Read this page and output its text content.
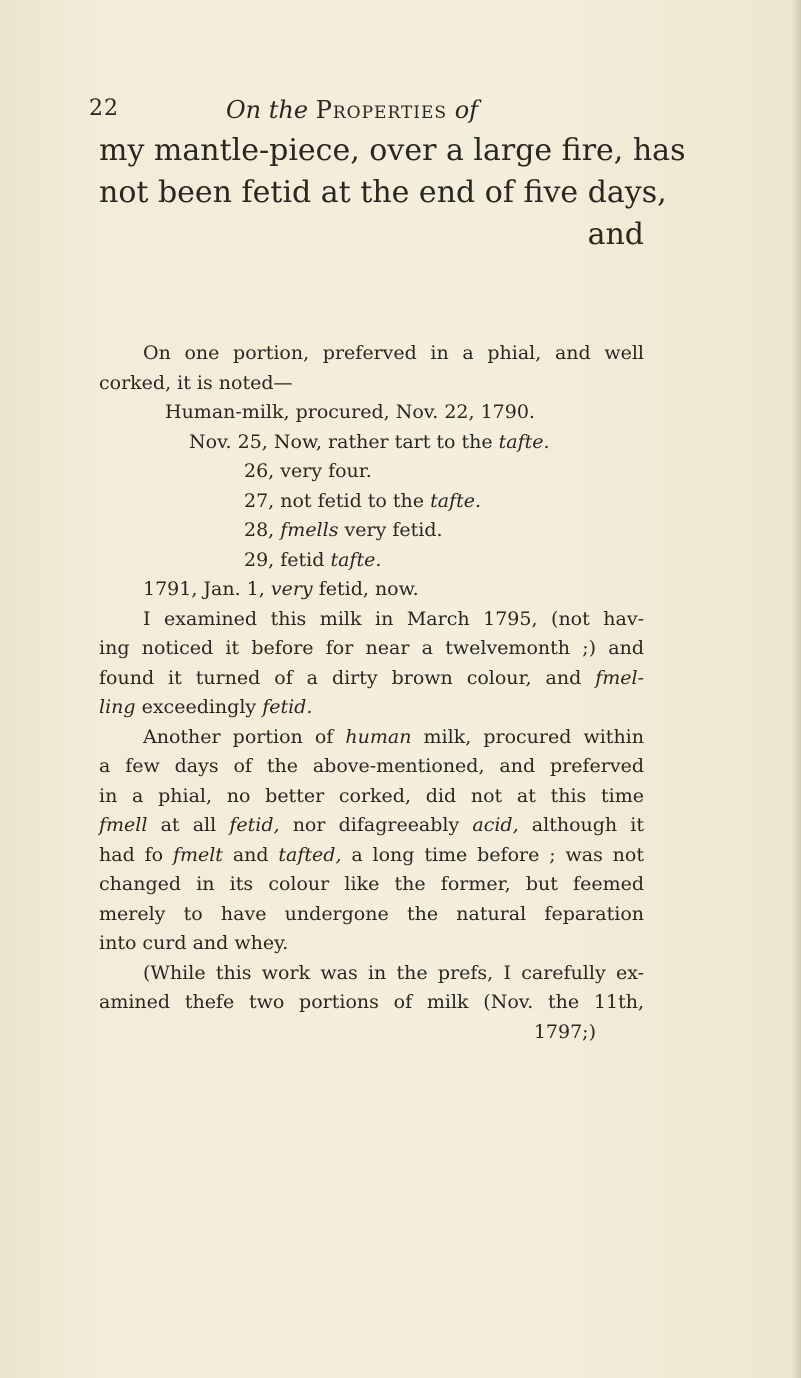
22	On the Properties of
my mantle-piece, over a large fire, has
not been fetid at the end of five days,
and
On one portion, preferved in a phial, and well
corked, it is noted—
Human-milk, procured, Nov. 22, 1790.
Nov. 25, Now, rather tart to the tafte.
26, very four.
27, not fetid to the tafte.
28, fmells very fetid.
29, fetid tafte.
1791, Jan. 1, very fetid, now.
I examined this milk in March 1795, (not hav-
ing noticed it before for near a twelvemonth ;) and
found it turned of a dirty brown colour, and fmel-
ling exceedingly fetid.
Another portion of human milk, procured within
a few days of the above-mentioned, and preferved
in a phial, no better corked, did not at this time
fmell at all fetid, nor difagreeably acid, although it
had fo fmelt and tafted, a long time before ; was not
changed in its colour like the former, but feemed
merely to have undergone the natural feparation
into curd and whey.
(While this work was in the prefs, I carefully ex-
amined thefe two portions of milk (Nov. the 11th,
1797;)
